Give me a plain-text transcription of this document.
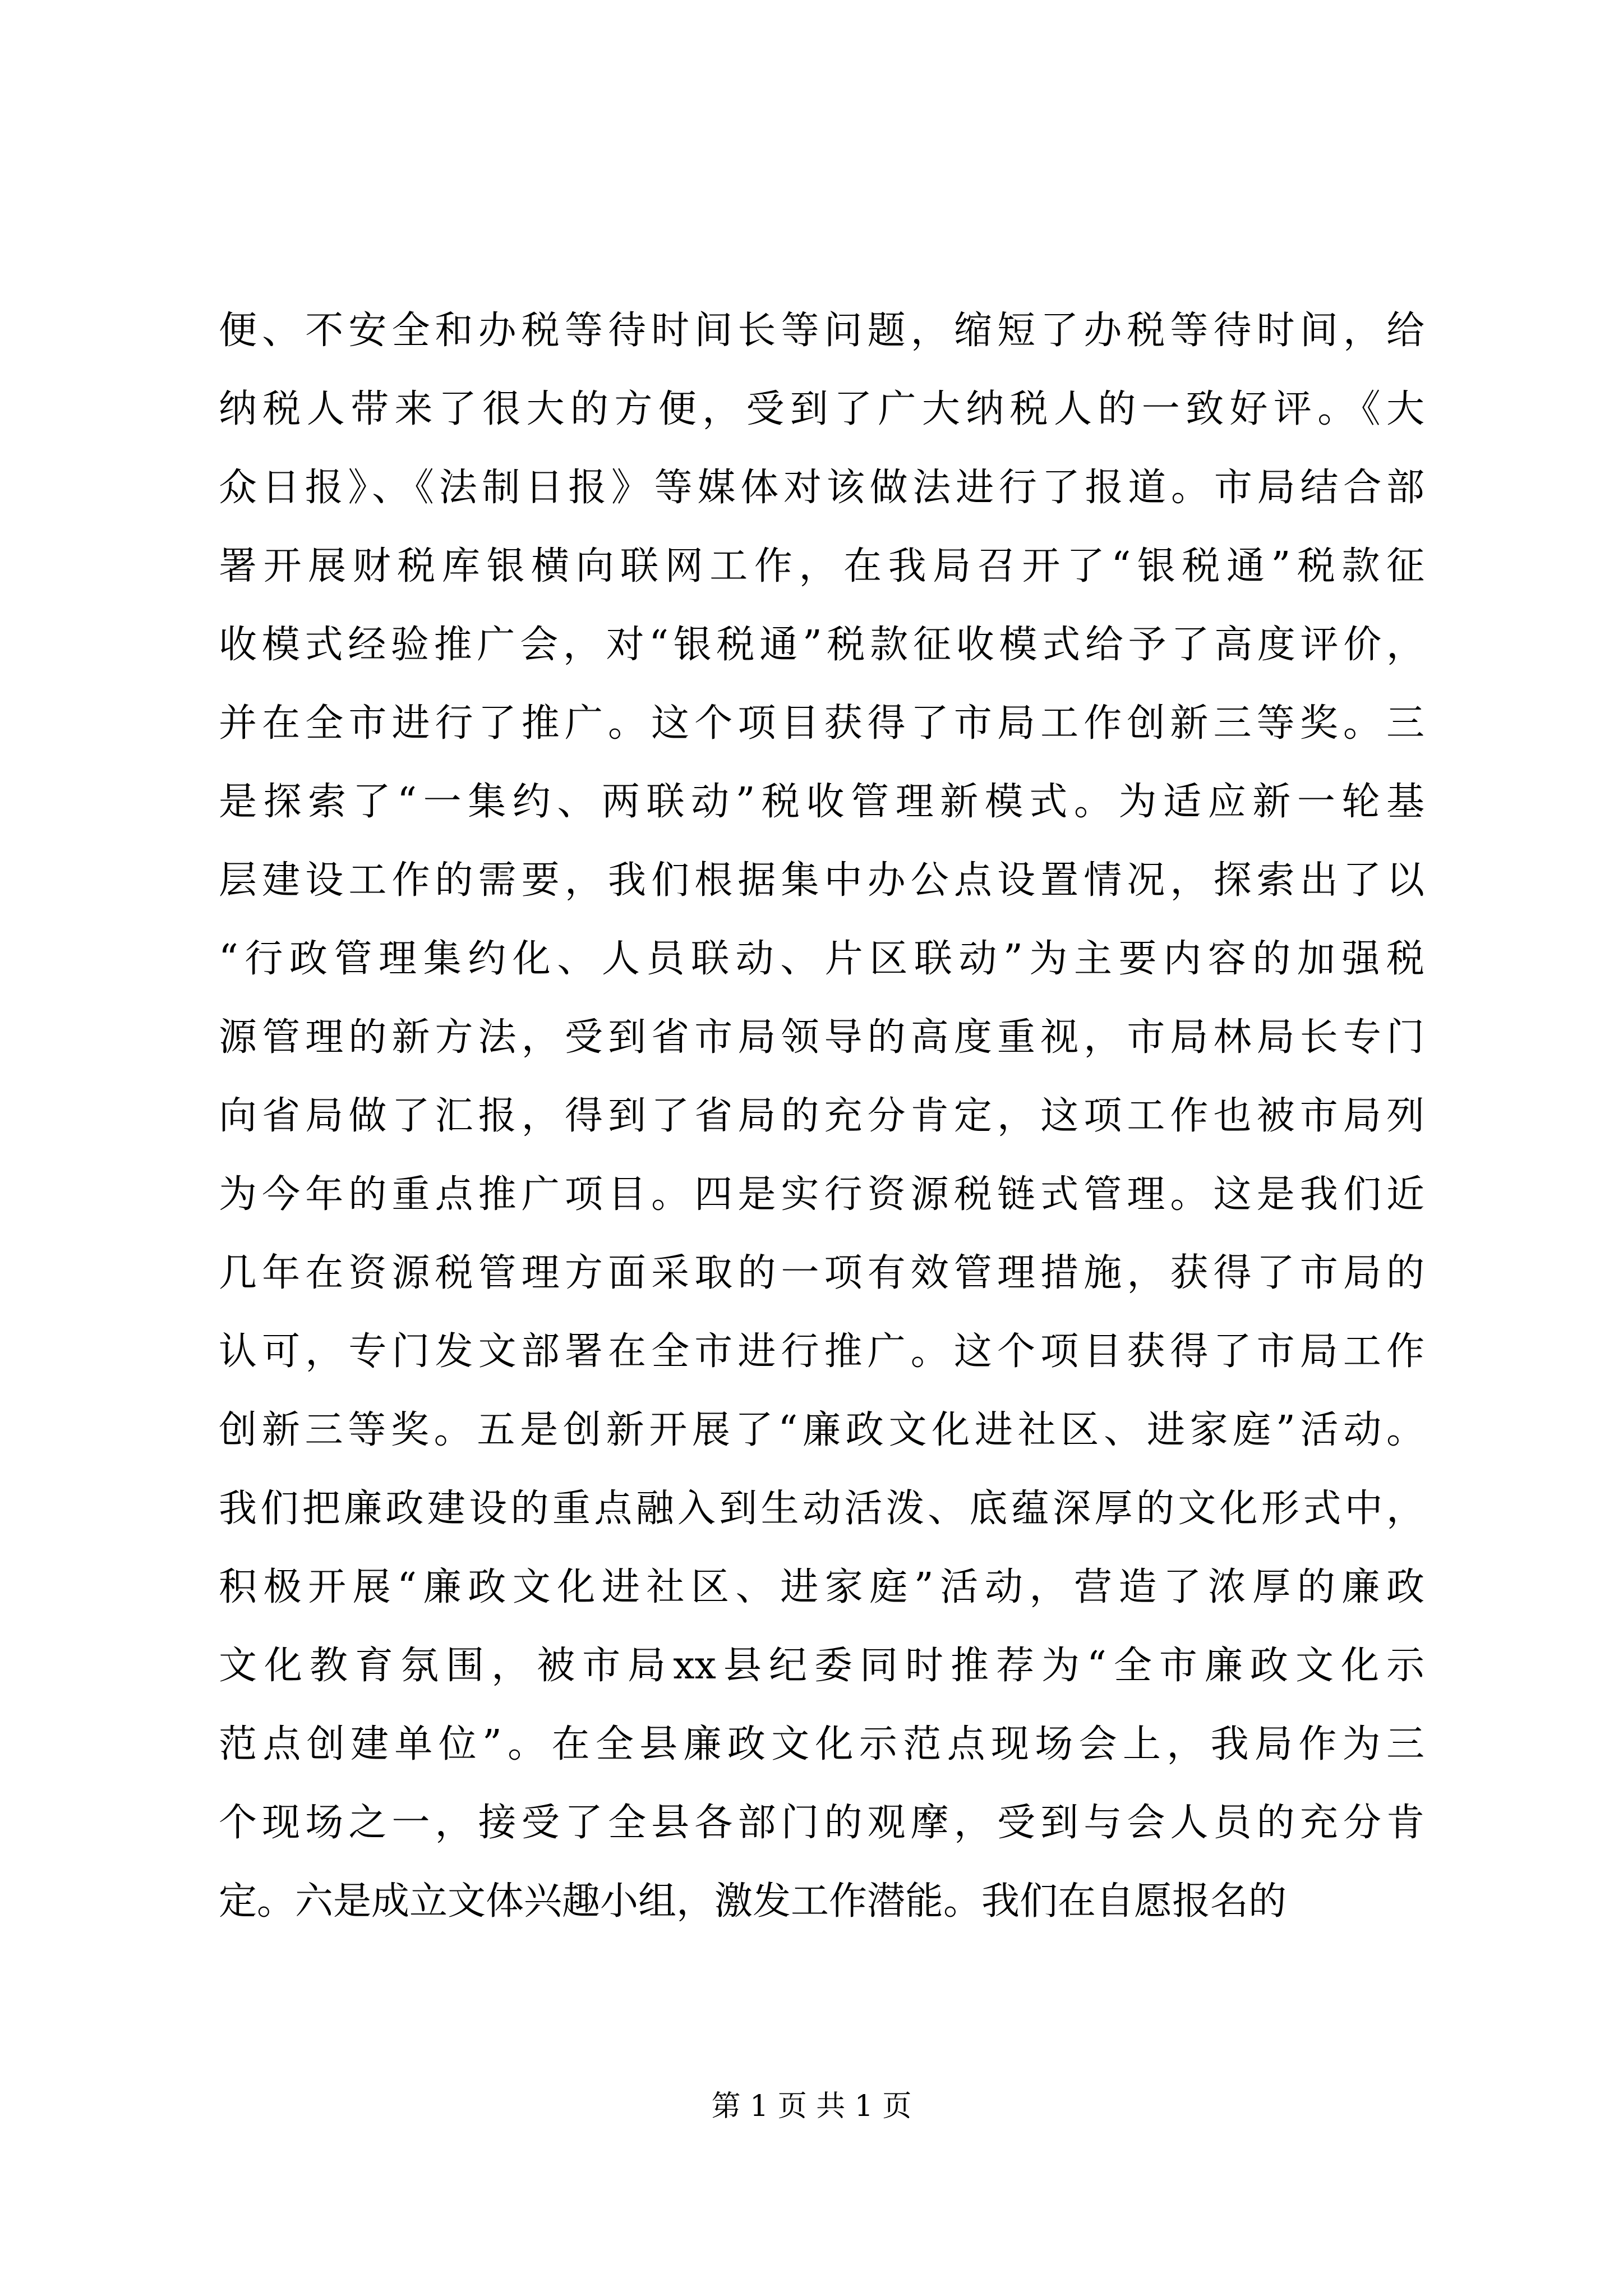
便、不安全和办税等待时间长等问题，缩短了办税等待时间，给
纳税人带来了很大的方便，受到了广大纳税人的一致好评。《大
众日报》、《法制日报》等媒体对该做法进行了报道。市局结合部
署开展财税库银横向联网工作，在我局召开了“银税通”税款征
收模式经验推广会，对“银税通”税款征收模式给予了高度评价，
并在全市进行了推广。这个项目获得了市局工作创新三等奖。三
是探索了“一集约、两联动”税收管理新模式。为适应新一轮基
层建设工作的需要，我们根据集中办公点设置情况，探索出了以
“行政管理集约化、人员联动、片区联动”为主要内容的加强税
源管理的新方法，受到省市局领导的高度重视，市局林局长专门
向省局做了汇报，得到了省局的充分肯定，这项工作也被市局列
为今年的重点推广项目。四是实行资源税链式管理。这是我们近
几年在资源税管理方面采取的一项有效管理措施，获得了市局的
认可，专门发文部署在全市进行推广。这个项目获得了市局工作
创新三等奖。五是创新开展了“廉政文化进社区、进家庭”活动。
我们把廉政建设的重点融入到生动活泼、底蕴深厚的文化形式中，
积极开展“廉政文化进社区、进家庭”活动，营造了浓厚的廉政
文化教育氛围，被市局xx县纪委同时推荐为“全市廉政文化示
范点创建单位”。在全县廉政文化示范点现场会上，我局作为三
个现场之一，接受了全县各部门的观摩，受到与会人员的充分肯
定。六是成立文体兴趣小组，激发工作潜能。我们在自愿报名的
第 1 页 共 1 页
